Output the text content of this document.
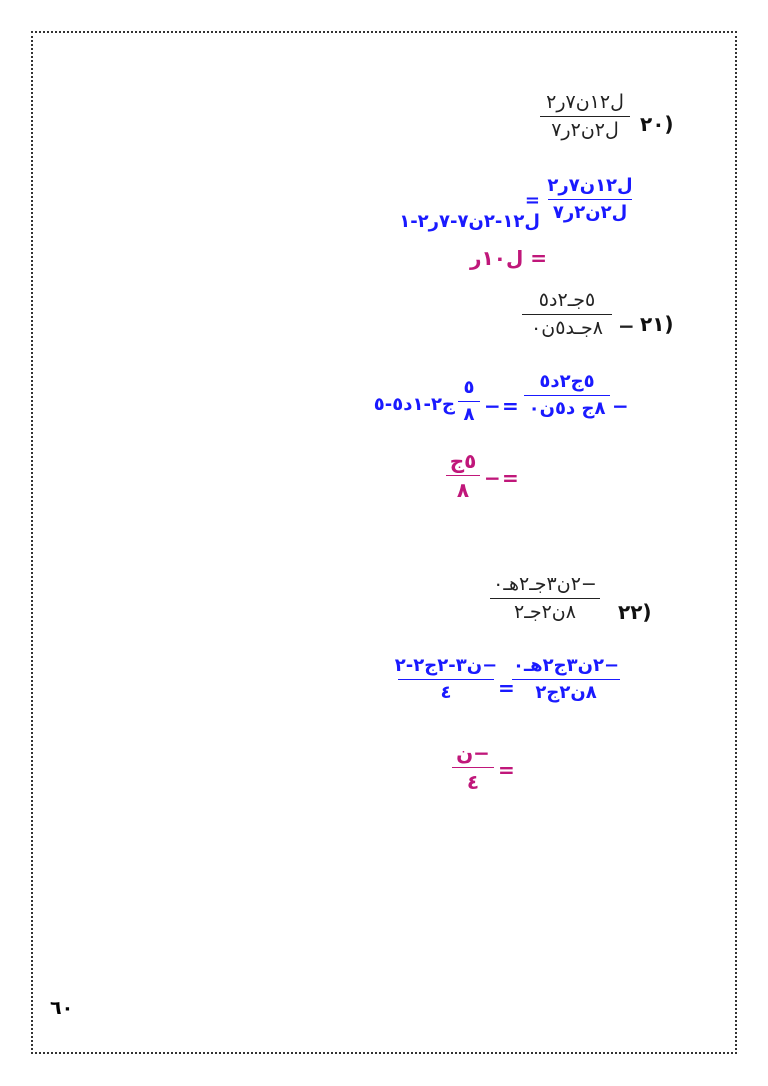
(٢٠
ل١٢ن٧ر٢
ل٢ن٢ر٧
ل١٢ن٧ر٢
ل٢ن٢ر٧
= ل١٢-٢ن٧-٧ر٢-١
= ل١٠ر
(٢١
−
٥جـ٢د٥
٨جـد٥ن٠
−
٥ج٢د٥
٨ج د٥ن٠
=
−
٥
٨
ج٢-١د٥-٥
=
−
٥ج
٨
(٢٢
−٢ن٣جـ٢هـ٠
٨ن٢جـ٢
−٢ن٣ج٢هـ٠
٨ن٢ج٢
=
−ن٣-٢ج٢-٢
٤
=
−ن
٤
٦٠
